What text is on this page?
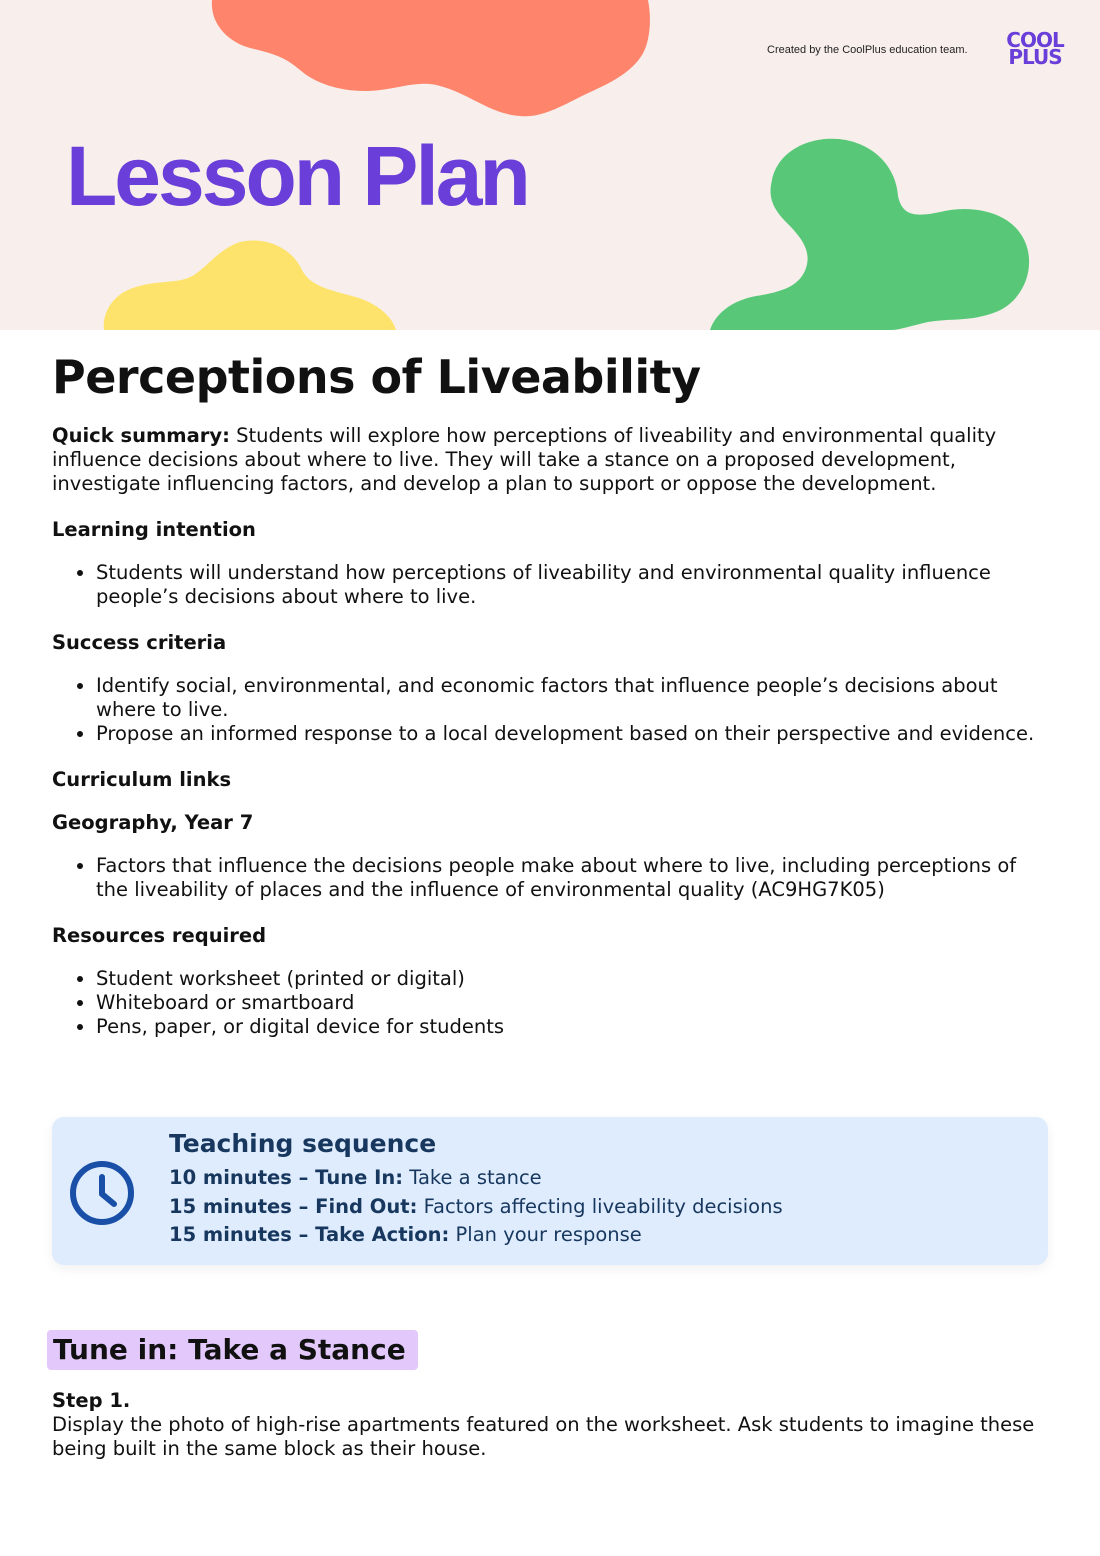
Created by the CoolPlus education team.	COOL
PLUS
Lesson Plan
Perceptions of Liveability

Quick summary: Students will explore how perceptions of liveability and environmental quality influence decisions about where to live. They will take a stance on a proposed development, investigate influencing factors, and develop a plan to support or oppose the development.

Learning intention
• Students will understand how perceptions of liveability and environmental quality influence people’s decisions about where to live.
Success criteria
• Identify social, environmental, and economic factors that influence people’s decisions about where to live.
• Propose an informed response to a local development based on their perspective and evidence.
Curriculum links
Geography, Year 7
• Factors that influence the decisions people make about where to live, including perceptions of the liveability of places and the influence of environmental quality (AC9HG7K05)
Resources required
• Student worksheet (printed or digital)
• Whiteboard or smartboard
• Pens, paper, or digital device for students
Teaching sequence
10 minutes – Tune In: Take a stance
15 minutes – Find Out: Factors affecting liveability decisions
15 minutes – Take Action: Plan your response
Tune in: Take a Stance
Step 1.

Display the photo of high-rise apartments featured on the worksheet. Ask students to imagine these being built in the same block as their house.
